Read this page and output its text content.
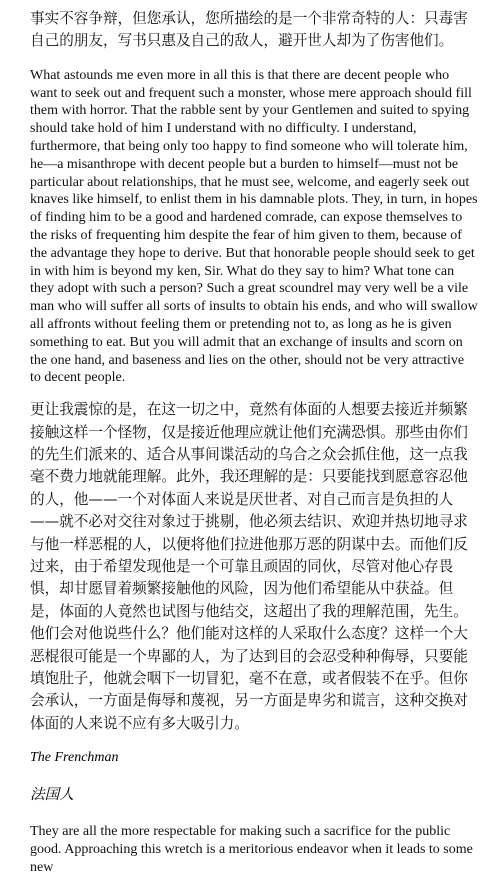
事实不容争辩，但您承认，您所描绘的是一个非常奇特的人：只毒害自己的朋友，写书只惠及自己的敌人，避开世人却为了伤害他们。

What astounds me even more in all this is that there are decent people who want to seek out and frequent such a monster, whose mere approach should fill them with horror. That the rabble sent by your Gentlemen and suited to spying should take hold of him I understand with no difficulty. I understand, furthermore, that being only too happy to find someone who will tolerate him, he—a misanthrope with decent people but a burden to himself—must not be particular about relationships, that he must see, welcome, and eagerly seek out knaves like himself, to enlist them in his damnable plots. They, in turn, in hopes of finding him to be a good and hardened comrade, can expose themselves to the risks of frequenting him despite the fear of him given to them, because of the advantage they hope to derive. But that honorable people should seek to get in with him is beyond my ken, Sir. What do they say to him? What tone can they adopt with such a person? Such a great scoundrel may very well be a vile man who will suffer all sorts of insults to obtain his ends, and who will swallow all affronts without feeling them or pretending not to, as long as he is given something to eat. But you will admit that an exchange of insults and scorn on the one hand, and baseness and lies on the other, should not be very attractive to decent people.

更让我震惊的是，在这一切之中，竟然有体面的人想要去接近并频繁接触这样一个怪物，仅是接近他理应就让他们充满恐惧。那些由你们的先生们派来的、适合从事间谍活动的乌合之众会抓住他，这一点我毫不费力地就能理解。此外，我还理解的是：只要能找到愿意容忍他的人，他——一个对体面人来说是厌世者、对自己而言是负担的人——就不必对交往对象过于挑剔，他必须去结识、欢迎并热切地寻求与他一样恶棍的人，以便将他们拉进他那万恶的阴谋中去。而他们反过来，由于希望发现他是一个可靠且顽固的同伙，尽管对他心存畏惧，却甘愿冒着频繁接触他的风险，因为他们希望能从中获益。但是，体面的人竟然也试图与他结交，这超出了我的理解范围，先生。他们会对他说些什么？他们能对这样的人采取什么态度？这样一个大恶棍很可能是一个卑鄙的人，为了达到目的会忍受种种侮辱，只要能填饱肚子，他就会咽下一切冒犯，毫不在意，或者假装不在乎。但你会承认，一方面是侮辱和蔑视，另一方面是卑劣和谎言，这种交换对体面的人来说不应有多大吸引力。

The Frenchman

法国人

They are all the more respectable for making such a sacrifice for the public good. Approaching this wretch is a meritorious endeavor when it leads to some new
